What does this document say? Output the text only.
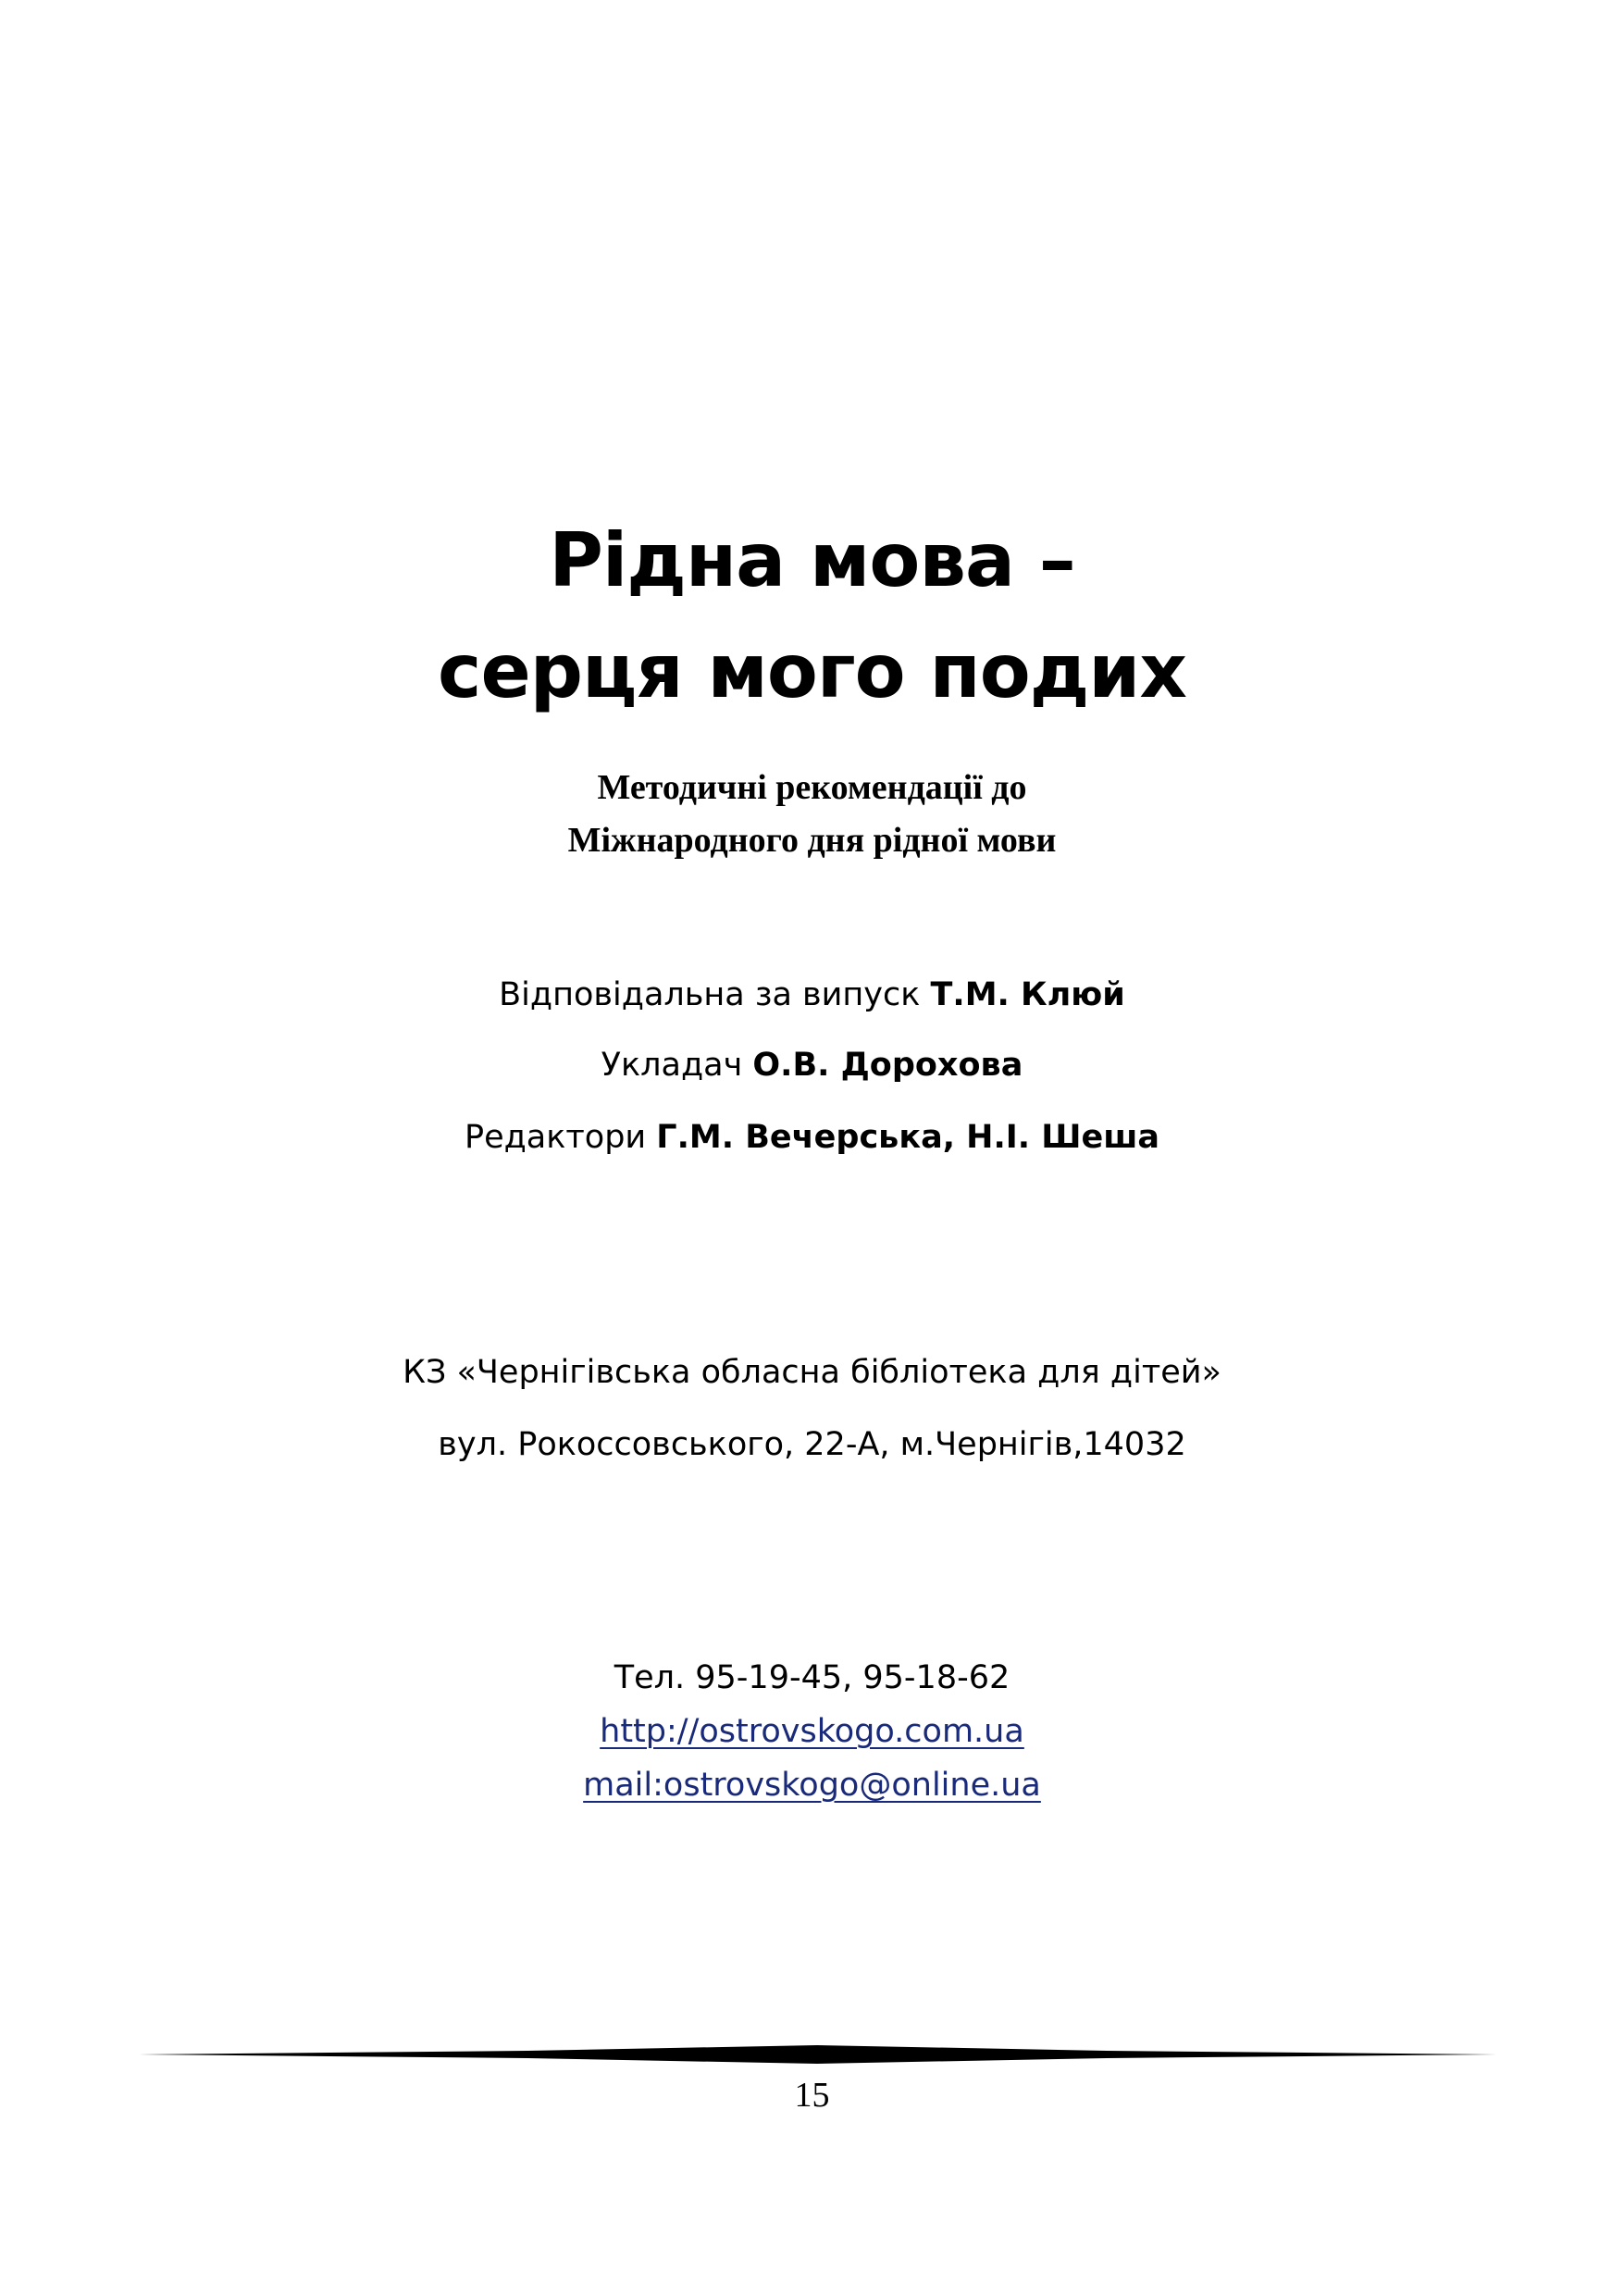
Рідна мова –
серця мого подих
Методичні рекомендації до
Міжнародного дня рідної мови
Відповідальна за випуск Т.М. Клюй
Укладач О.В. Дорохова
Редактори Г.М. Вечерська, Н.І. Шеша
КЗ «Чернігівська обласна бібліотека для дітей»
вул. Рокоссовського, 22-А, м.Чернігів,14032
Тел. 95-19-45, 95-18-62
http://ostrovskogo.com.ua
mail:ostrovskogo@online.ua
15
